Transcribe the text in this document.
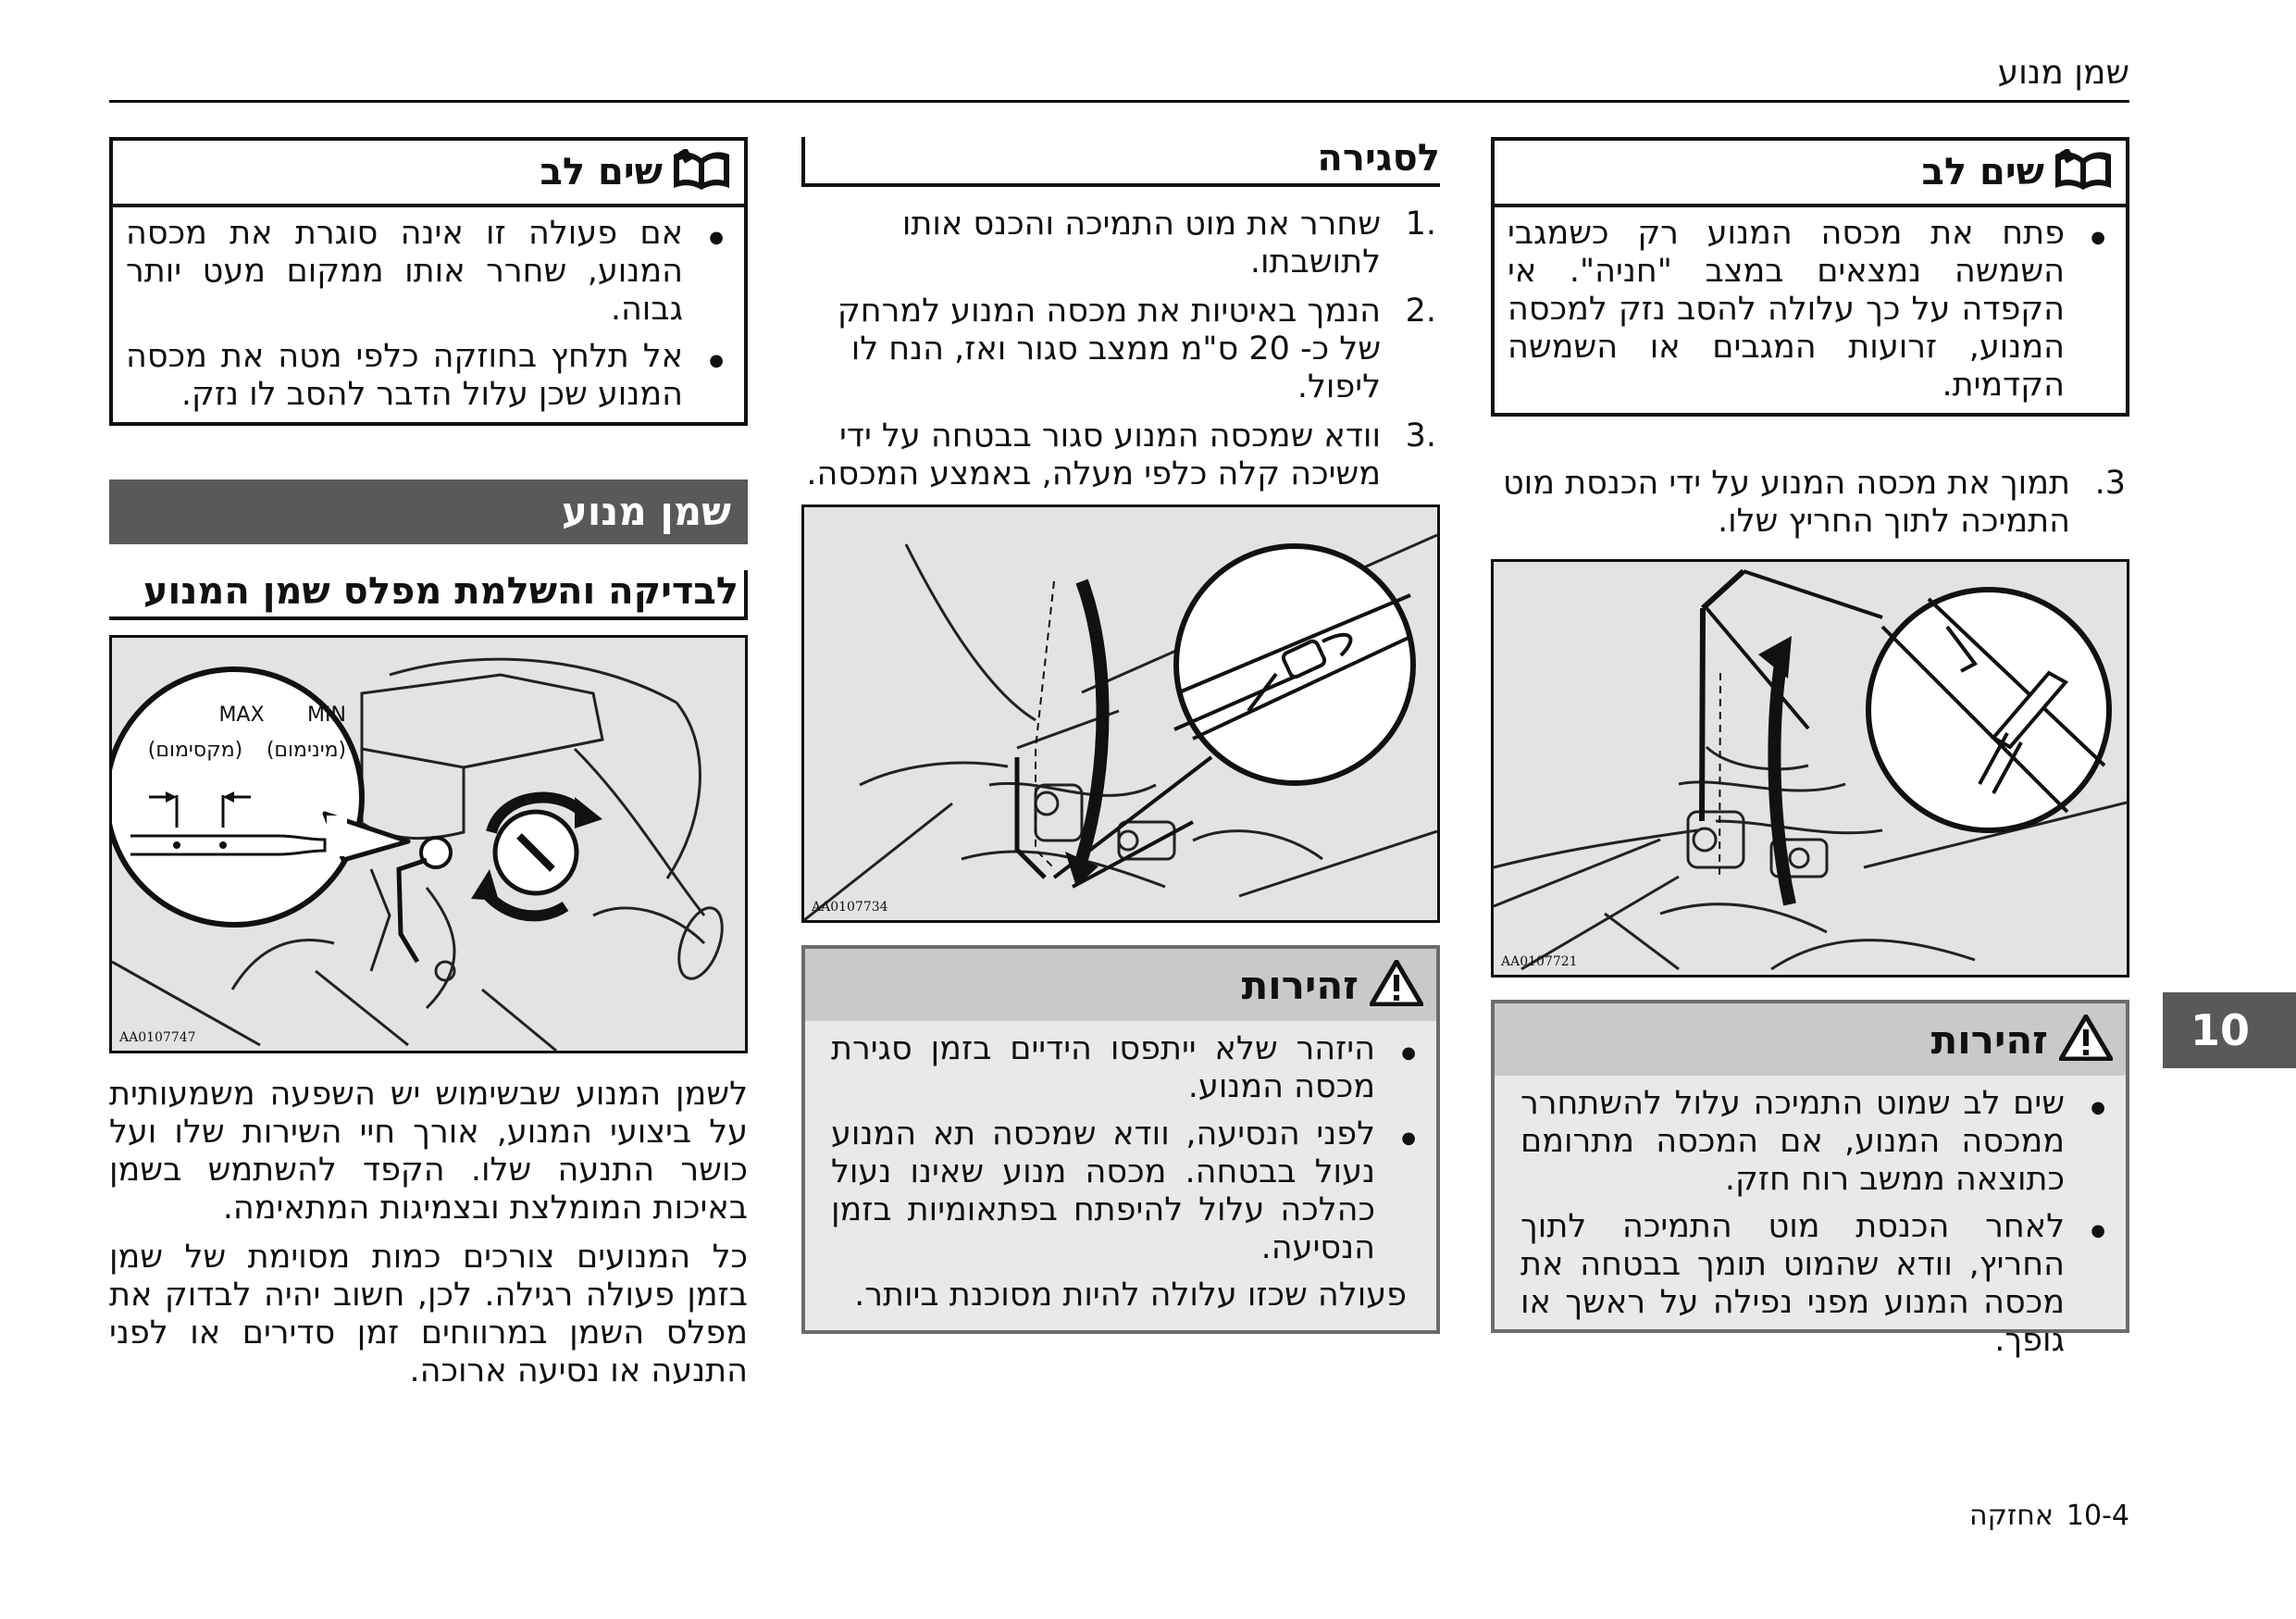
שמן מנוע
שים לב
● פתח את מכסה המנוע רק כשמגבי השמשה נמצאים במצב "חניה". אי הקפדה על כך עלולה להסב נזק למכסה המנוע, זרועות המגבים או השמשה הקדמית.
3.
תמוך את מכסה המנוע על ידי הכנסת מוט התמיכה לתוך החריץ שלו.
AA0107721
זהירות
● שים לב שמוט התמיכה עלול להשתחרר ממכסה המנוע, אם המכסה מתרומם כתוצאה ממשב רוח חזק.
● לאחר הכנסת מוט התמיכה לתוך החריץ, וודא שהמוט תומך בבטחה את מכסה המנוע מפני נפילה על ראשך או גופך.
לסגירה
.1
שחרר את מוט התמיכה והכנס אותו לתושבתו.
.2
הנמך באיטיות את מכסה המנוע למרחק של כ- 20 ס"מ ממצב סגור ואז, הנח לו ליפול.
.3
וודא שמכסה המנוע סגור בבטחה על ידי משיכה קלה כלפי מעלה, באמצע המכסה.
AA0107734
זהירות
● היזהר שלא ייתפסו הידיים בזמן סגירת מכסה המנוע.
● לפני הנסיעה, וודא שמכסה תא המנוע נעול בבטחה. מכסה מנוע שאינו נעול כהלכה עלול להיפתח בפתאומיות בזמן הנסיעה.

פעולה שכזו עלולה להיות מסוכנת ביותר.

שים לב
● אם פעולה זו אינה סוגרת את מכסה המנוע, שחרר אותו ממקום מעט יותר גבוה.
● אל תלחץ בחוזקה כלפי מטה את מכסה המנוע שכן עלול הדבר להסב לו נזק.
שמן מנוע
לבדיקה והשלמת מפלס שמן המנוע
MAX MIN
(מקסימום) (מינימום)
AA0107747

לשמן המנוע שבשימוש יש השפעה משמעותית על ביצועי המנוע, אורך חיי השירות שלו ועל כושר התנעה שלו. הקפד להשתמש בשמן באיכות המומלצת ובצמיגות המתאימה.

כל המנועים צורכים כמות מסוימת של שמן בזמן פעולה רגילה. לכן, חשוב יהיה לבדוק את מפלס השמן במרווחים זמן סדירים או לפני התנעה או נסיעה ארוכה.

10
10-4
אחזקה
